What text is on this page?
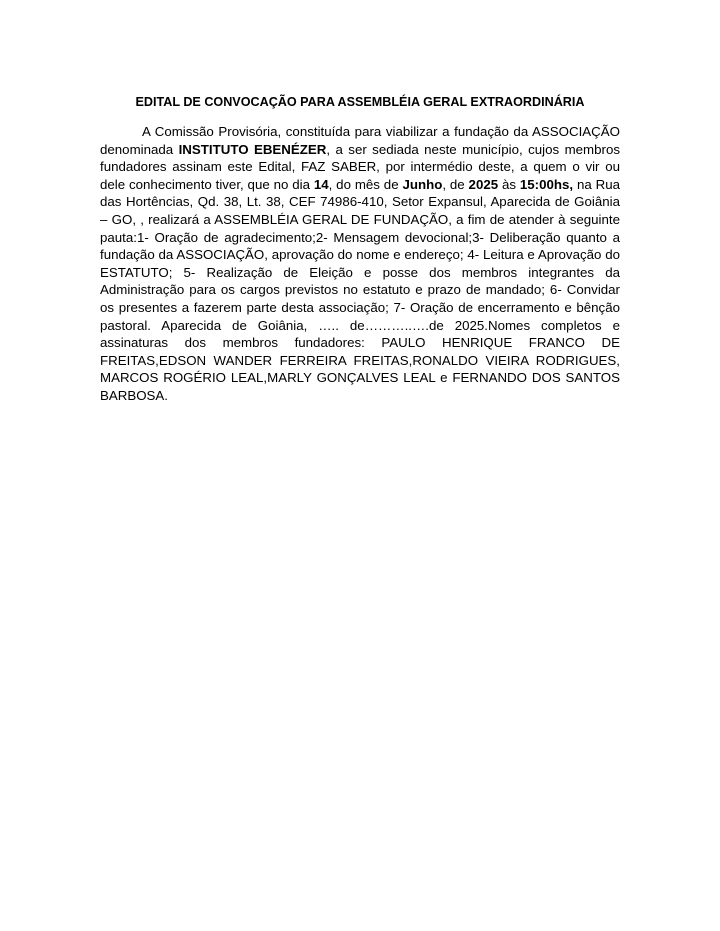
EDITAL DE CONVOCAÇÃO PARA ASSEMBLÉIA GERAL EXTRAORDINÁRIA

A Comissão Provisória, constituída para viabilizar a fundação da ASSOCIAÇÃO denominada INSTITUTO EBENÉZER, a ser sediada neste município, cujos membros fundadores assinam este Edital, FAZ SABER, por intermédio deste, a quem o vir ou dele conhecimento tiver, que no dia 14, do mês de Junho, de 2025 às 15:00hs, na Rua das Hortências, Qd. 38, Lt. 38, CEF 74986-410, Setor Expansul, Aparecida de Goiânia – GO, , realizará a ASSEMBLÉIA GERAL DE FUNDAÇÃO, a fim de atender à seguinte pauta:1- Oração de agradecimento;2- Mensagem devocional;3- Deliberação quanto a fundação da ASSOCIAÇÃO, aprovação do nome e endereço; 4- Leitura e Aprovação do ESTATUTO; 5- Realização de Eleição e posse dos membros integrantes da Administração para os cargos previstos no estatuto e prazo de mandado; 6- Convidar os presentes a fazerem parte desta associação; 7- Oração de encerramento e bênção pastoral. Aparecida de Goiânia, ….. de………..….de 2025.Nomes completos e assinaturas dos membros fundadores: PAULO HENRIQUE FRANCO DE FREITAS,EDSON WANDER FERREIRA FREITAS,RONALDO VIEIRA RODRIGUES, MARCOS ROGÉRIO LEAL,MARLY GONÇALVES LEAL e FERNANDO DOS SANTOS BARBOSA.
